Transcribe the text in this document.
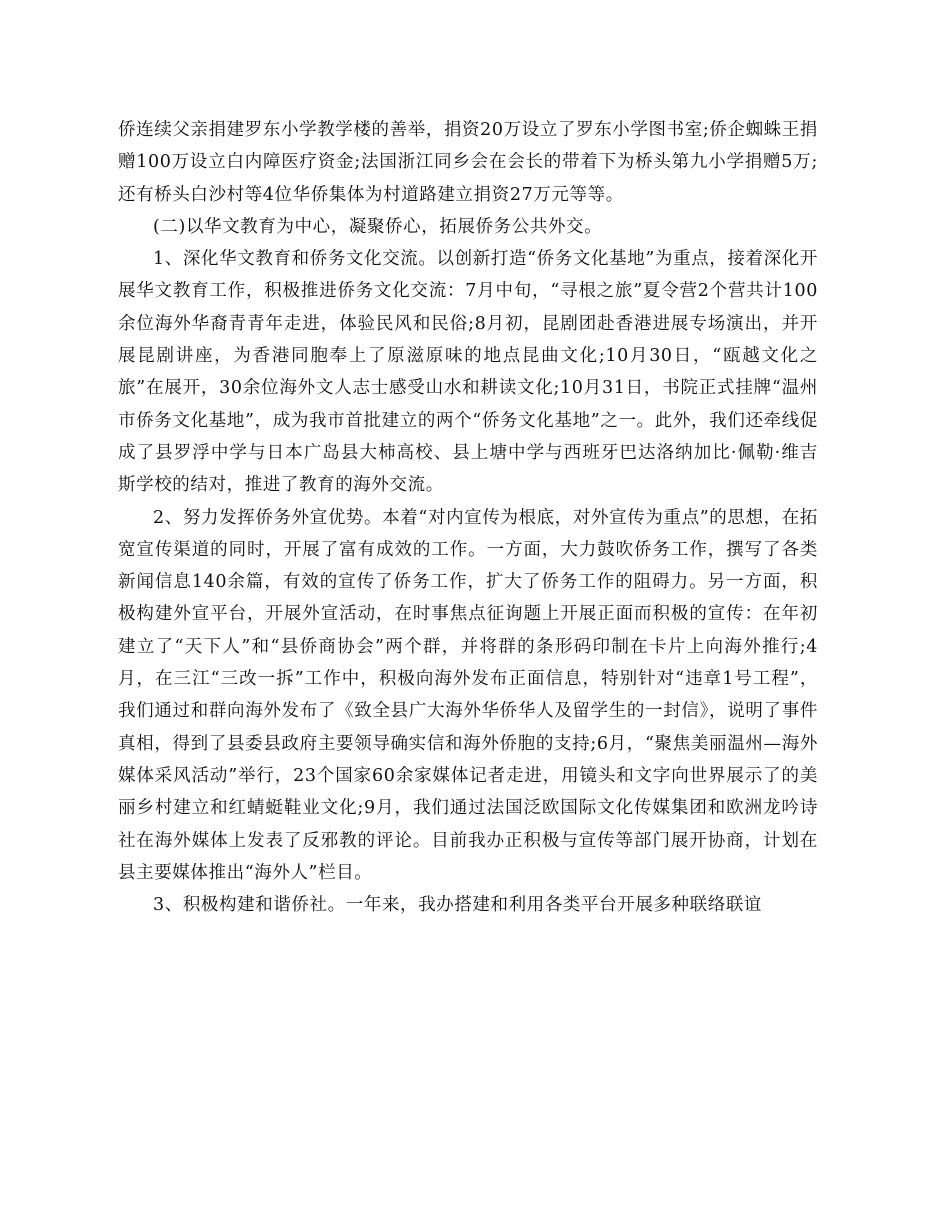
侨连续父亲捐建罗东小学教学楼的善举，捐资20万设立了罗东小学图书室;侨企蜘蛛王捐赠100万设立白内障医疗资金;法国浙江同乡会在会长的带着下为桥头第九小学捐赠5万;还有桥头白沙村等4位华侨集体为村道路建立捐资27万元等等。

(二)以华文教育为中心，凝聚侨心，拓展侨务公共外交。

1、深化华文教育和侨务文化交流。以创新打造“侨务文化基地”为重点，接着深化开展华文教育工作，积极推进侨务文化交流：7月中旬，“寻根之旅”夏令营2个营共计100余位海外华裔青青年走进，体验民风和民俗;8月初，昆剧团赴香港进展专场演出，并开展昆剧讲座，为香港同胞奉上了原滋原味的地点昆曲文化;10月30日，“瓯越文化之旅”在展开，30余位海外文人志士感受山水和耕读文化;10月31日，书院正式挂牌“温州市侨务文化基地”，成为我市首批建立的两个“侨务文化基地”之一。此外，我们还牵线促成了县罗浮中学与日本广岛县大柿高校、县上塘中学与西班牙巴达洛纳加比·佩勒·维吉斯学校的结对，推进了教育的海外交流。

2、努力发挥侨务外宣优势。本着“对内宣传为根底，对外宣传为重点”的思想，在拓宽宣传渠道的同时，开展了富有成效的工作。一方面，大力鼓吹侨务工作，撰写了各类新闻信息140余篇，有效的宣传了侨务工作，扩大了侨务工作的阻碍力。另一方面，积极构建外宣平台，开展外宣活动，在时事焦点征询题上开展正面而积极的宣传：在年初建立了“天下人”和“县侨商协会”两个群，并将群的条形码印制在卡片上向海外推行;4月，在三江“三改一拆”工作中，积极向海外发布正面信息，特别针对“违章1号工程”，我们通过和群向海外发布了《致全县广大海外华侨华人及留学生的一封信》，说明了事件真相，得到了县委县政府主要领导确实信和海外侨胞的支持;6月，“聚焦美丽温州—海外媒体采风活动”举行，23个国家60余家媒体记者走进，用镜头和文字向世界展示了的美丽乡村建立和红蜻蜓鞋业文化;9月，我们通过法国泛欧国际文化传媒集团和欧洲龙吟诗社在海外媒体上发表了反邪教的评论。目前我办正积极与宣传等部门展开协商，计划在县主要媒体推出“海外人”栏目。

3、积极构建和谐侨社。一年来，我办搭建和利用各类平台开展多种联络联谊
